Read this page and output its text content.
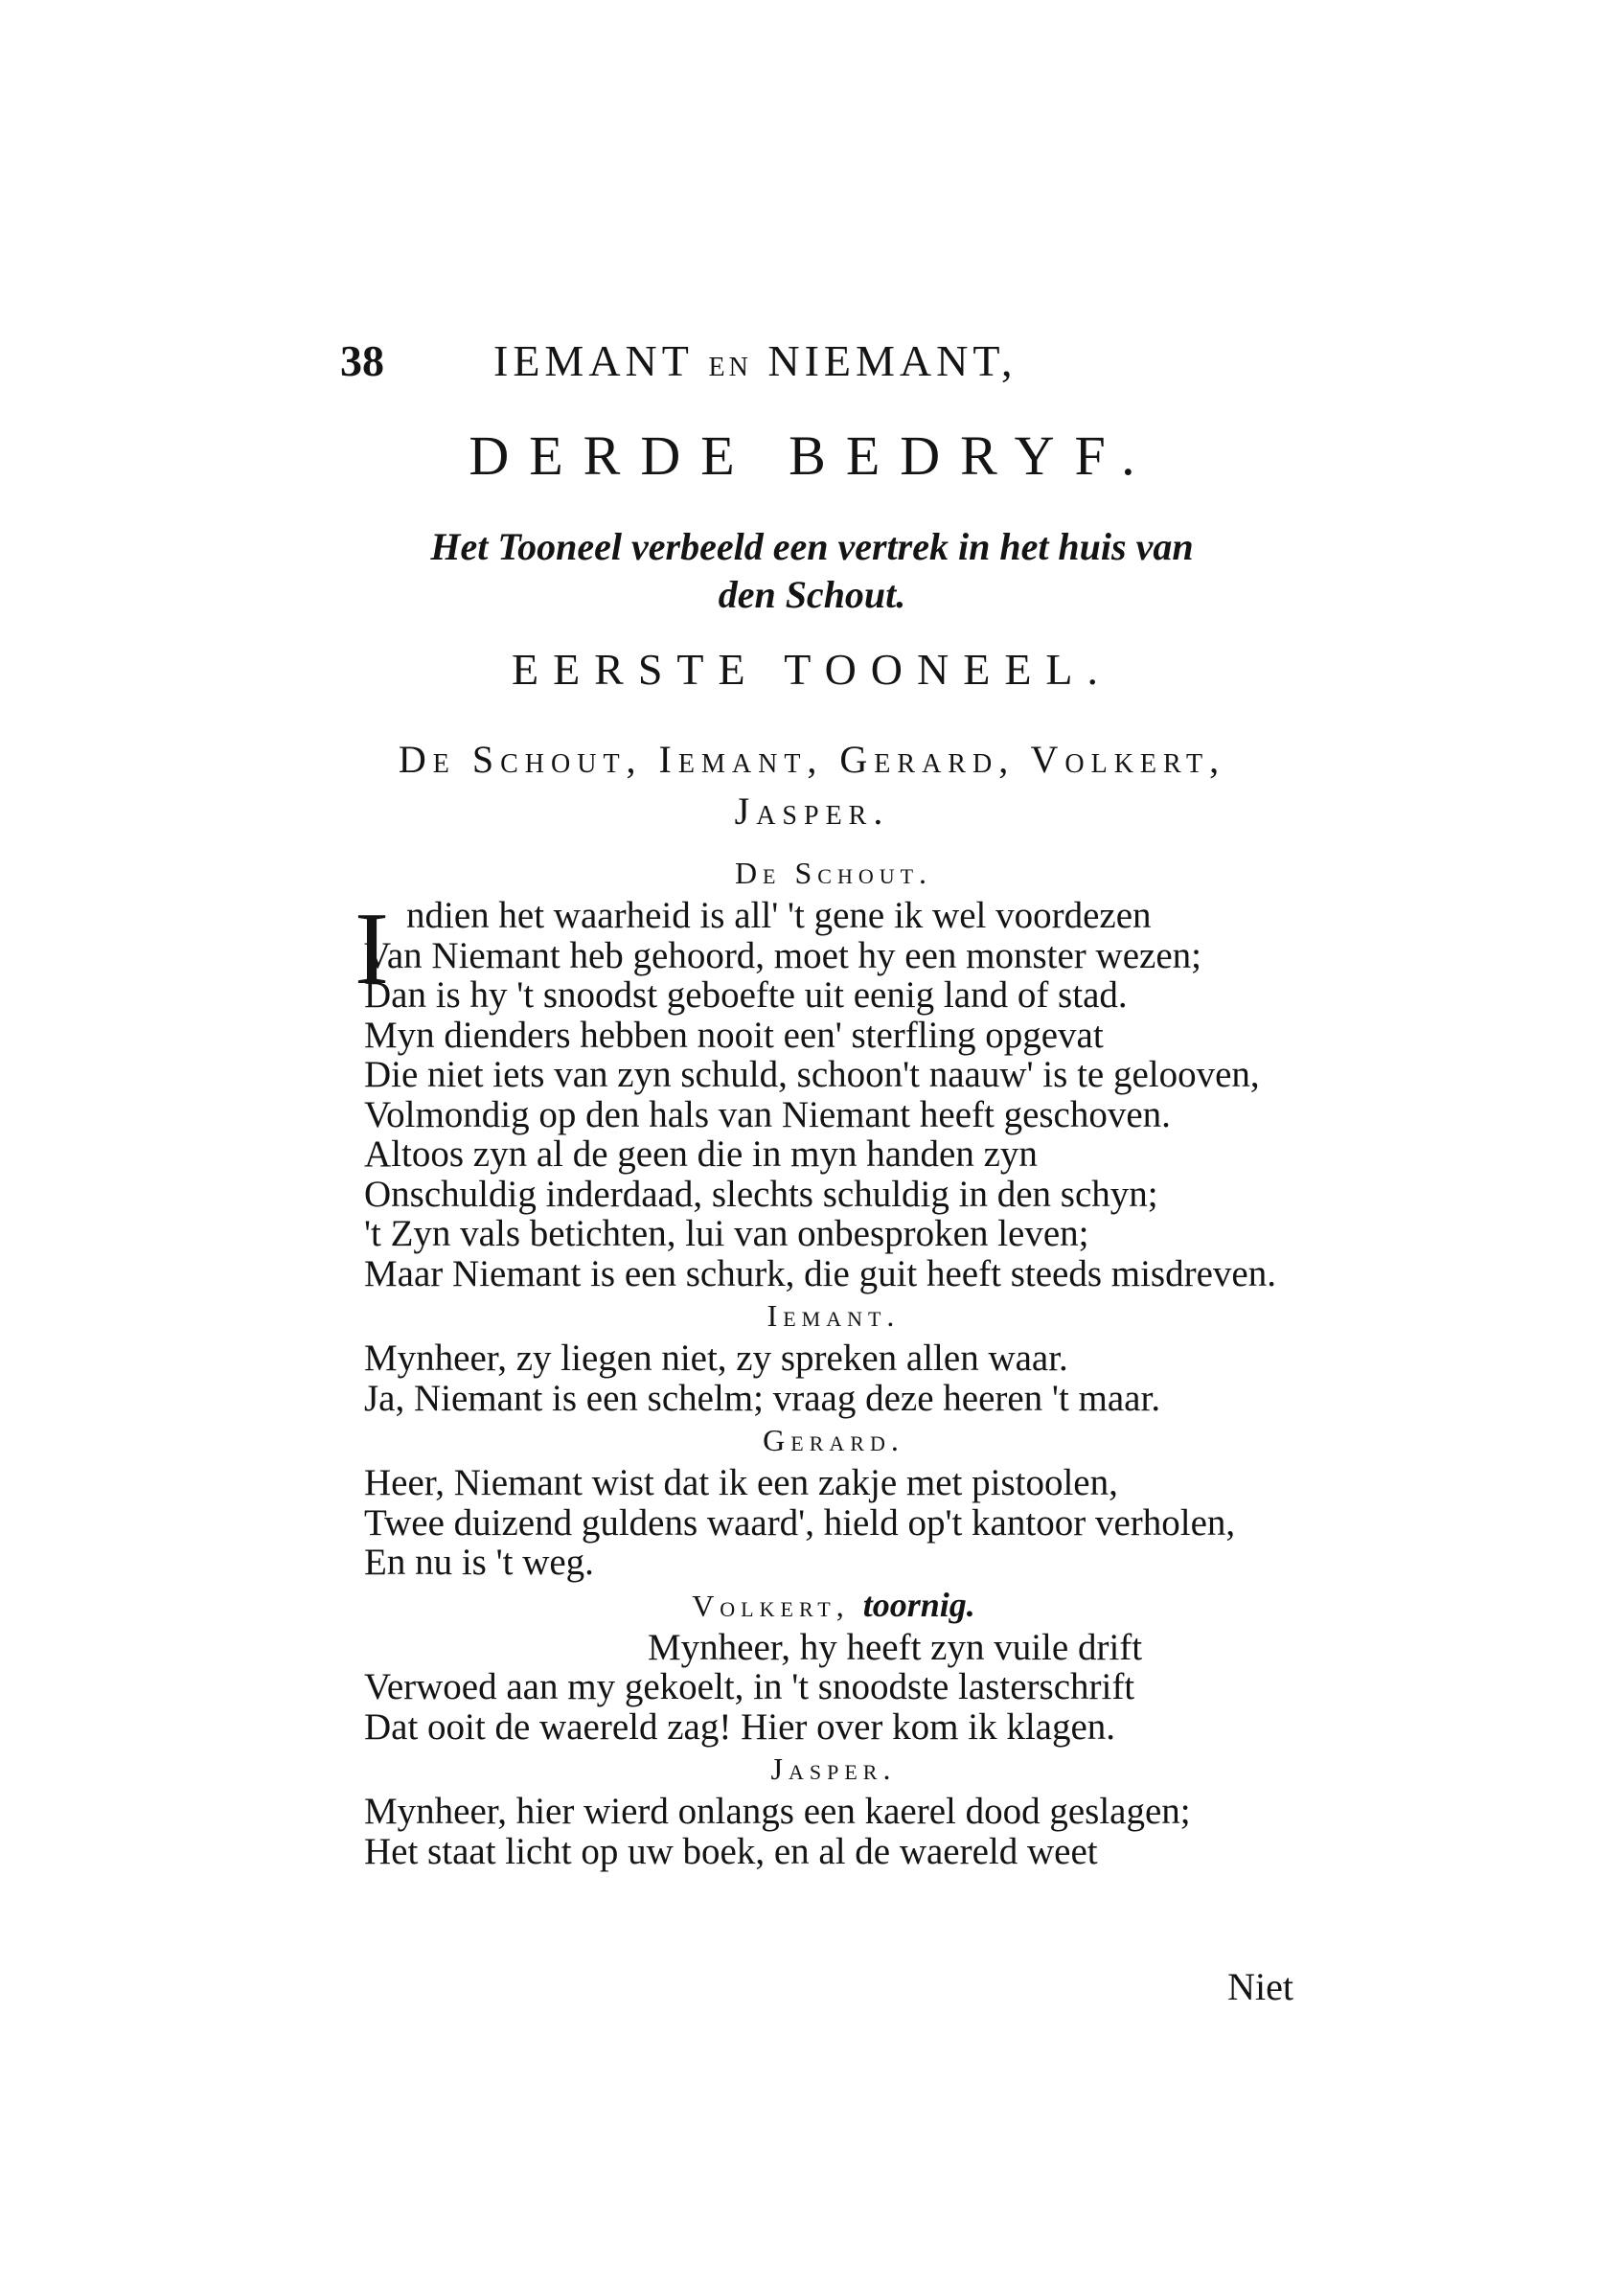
38 IEMANT EN NIEMANT,
DERDE BEDRYF.
Het Tooneel verbeeld een vertrek in het huis van
den Schout.
EERSTE TOONEEL.
De Schout, Iemant, Gerard, Volkert,
Jasper.
De Schout.
I ndien het waarheid is all' 't gene ik wel voordezen
Van Niemant heb gehoord, moet hy een monster wezen;
Dan is hy 't snoodst geboefte uit eenig land of stad.
Myn dienders hebben nooit een' sterfling opgevat
Die niet iets van zyn schuld, schoon't naauw' is te gelooven,
Volmondig op den hals van Niemant heeft geschoven.
Altoos zyn al de geen die in myn handen zyn
Onschuldig inderdaad, slechts schuldig in den schyn;
't Zyn vals betichten, lui van onbesproken leven;
Maar Niemant is een schurk, die guit heeft steeds misdreven.
Iemant.
Mynheer, zy liegen niet, zy spreken allen waar.
Ja, Niemant is een schelm; vraag deze heeren 't maar.
Gerard.
Heer, Niemant wist dat ik een zakje met pistoolen,
Twee duizend guldens waard', hield op't kantoor verholen,
En nu is 't weg.
Volkert, toornig.
Mynheer, hy heeft zyn vuile drift
Verwoed aan my gekoelt, in 't snoodste lasterschrift
Dat ooit de waereld zag! Hier over kom ik klagen.
Jasper.
Mynheer, hier wierd onlangs een kaerel dood geslagen;
Het staat licht op uw boek, en al de waereld weet
Niet
